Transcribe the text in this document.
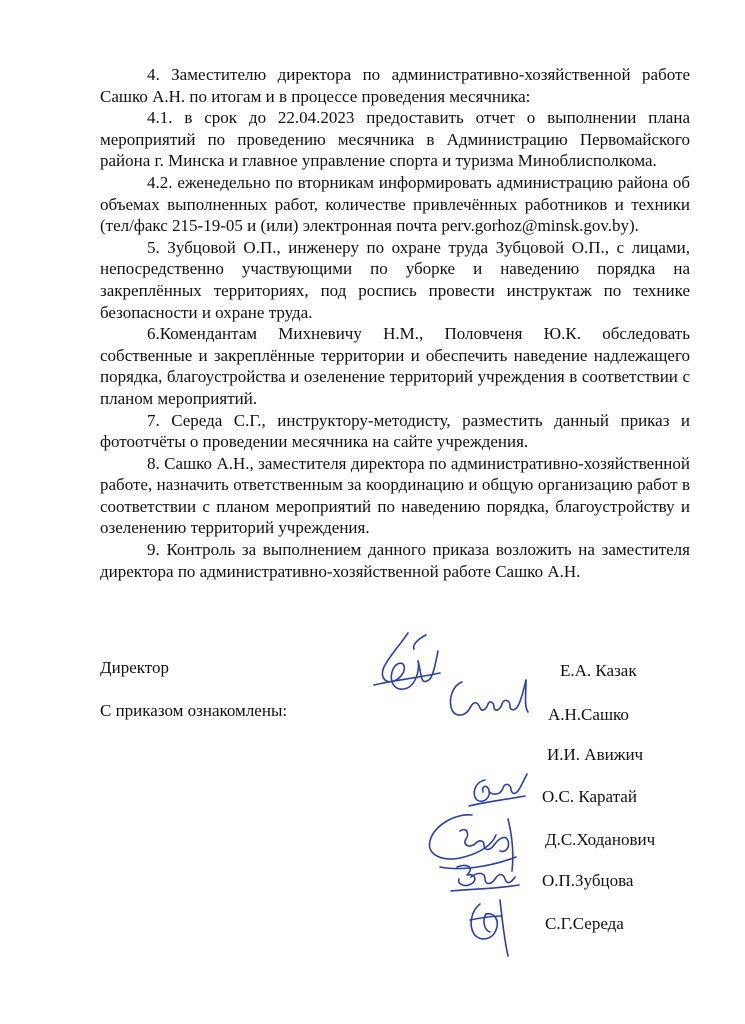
4. Заместителю директора по административно-хозяйственной работе Сашко А.Н. по итогам и в процессе проведения месячника:

4.1. в срок до 22.04.2023 предоставить отчет о выполнении плана мероприятий по проведению месячника в Администрацию Первомайского района г. Минска и главное управление спорта и туризма Миноблисполкома.

4.2. еженедельно по вторникам информировать администрацию района об объемах выполненных работ, количестве привлечённых работников и техники (тел/факс 215-19-05 и (или) электронная почта perv.gorhoz@minsk.gov.by).

5. Зубцовой О.П., инженеру по охране труда Зубцовой О.П., с лицами, непосредственно участвующими по уборке и наведению порядка на закреплённых территориях, под роспись провести инструктаж по технике безопасности и охране труда.

6.Комендантам Михневичу Н.М., Половченя Ю.К. обследовать собственные и закреплённые территории и обеспечить наведение надлежащего порядка, благоустройства и озеленение территорий учреждения в соответствии с планом мероприятий.

7. Середа С.Г., инструктору-методисту, разместить данный приказ и фотоотчёты о проведении месячника на сайте учреждения.

8. Сашко А.Н., заместителя директора по административно-хозяйственной работе, назначить ответственным за координацию и общую организацию работ в соответствии с планом мероприятий по наведению порядка, благоустройству и озеленению территорий учреждения.

9. Контроль за выполнением данного приказа возложить на заместителя директора по административно-хозяйственной работе Сашко А.Н.

Директор	Е.А. Казак
С приказом ознакомлены:	А.Н.Сашко
И.И. Авижич
О.С. Каратай
Д.С.Ходанович
О.П.Зубцова
С.Г.Середа
